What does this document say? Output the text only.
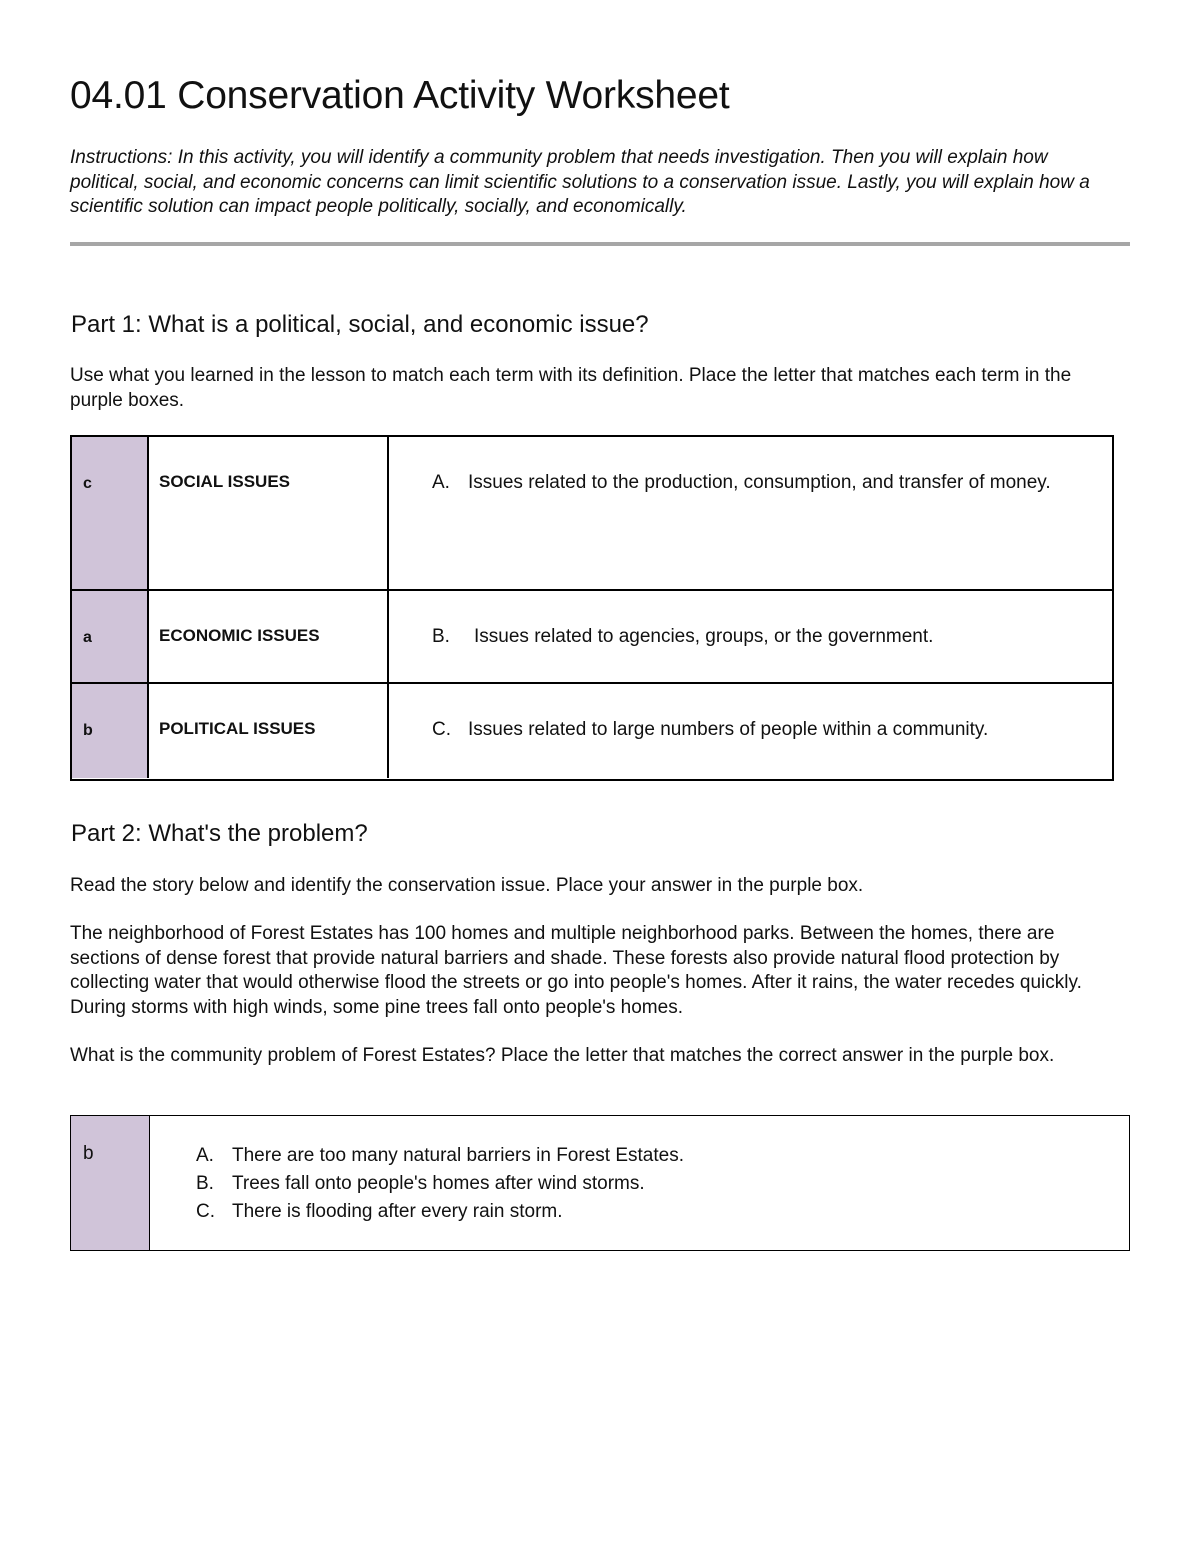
04.01 Conservation Activity Worksheet

Instructions: In this activity, you will identify a community problem that needs investigation. Then you will explain how political, social, and economic concerns can limit scientific solutions to a conservation issue. Lastly, you will explain how a scientific solution can impact people politically, socially, and economically.

Part 1: What is a political, social, and economic issue?

Use what you learned in the lesson to match each term with its definition. Place the letter that matches each term in the purple boxes.

c	SOCIAL ISSUES	A. Issues related to the production, consumption, and transfer of money.
a	ECONOMIC ISSUES	B.	Issues related to agencies, groups, or the government.
b	POLITICAL ISSUES	C. Issues related to large numbers of people within a community.
Part 2: What's the problem?

Read the story below and identify the conservation issue. Place your answer in the purple box.

The neighborhood of Forest Estates has 100 homes and multiple neighborhood parks. Between the homes, there are sections of dense forest that provide natural barriers and shade. These forests also provide natural flood protection by collecting water that would otherwise flood the streets or go into people's homes. After it rains, the water recedes quickly. During storms with high winds, some pine trees fall onto people's homes.

What is the community problem of Forest Estates? Place the letter that matches the correct answer in the purple box.

b	A. There are too many natural barriers in Forest Estates.
B. Trees fall onto people's homes after wind storms.
C. There is flooding after every rain storm.
